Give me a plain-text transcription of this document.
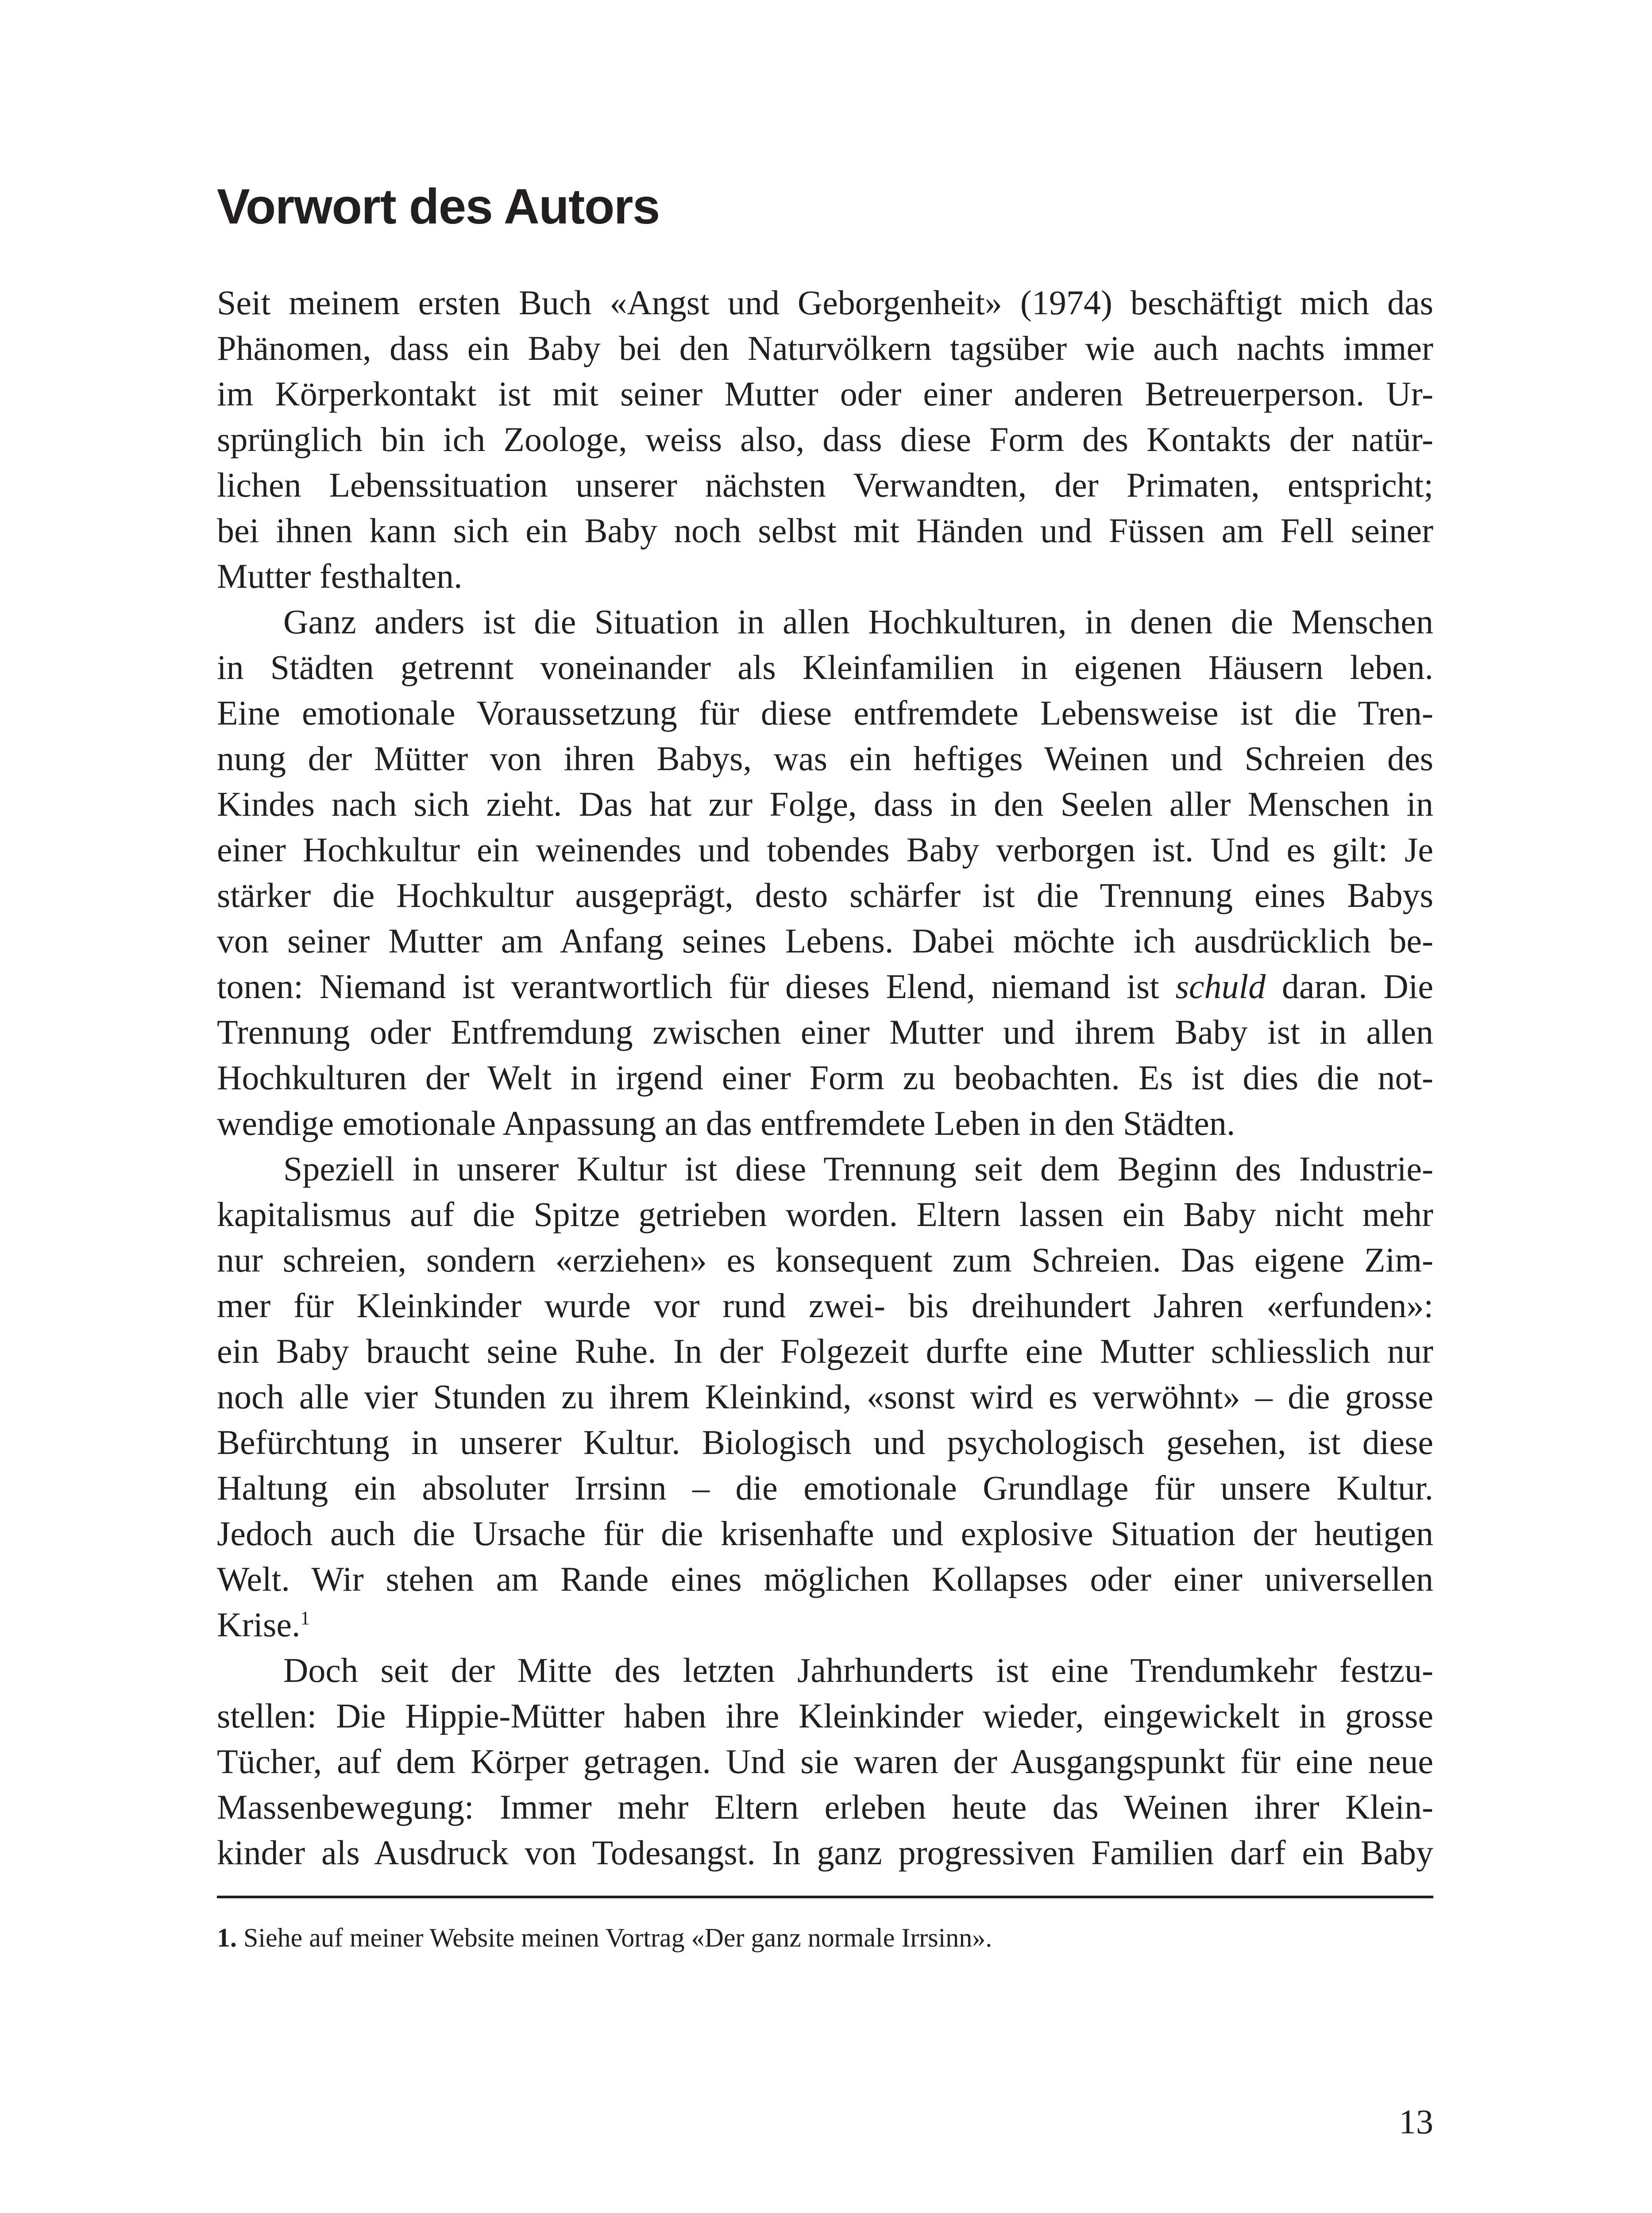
Vorwort des Autors
Seit meinem ersten Buch «Angst und Geborgenheit» (1974) beschäftigt mich das
Phänomen, dass ein Baby bei den Naturvölkern tagsüber wie auch nachts immer
im Körperkontakt ist mit seiner Mutter oder einer anderen Betreuerperson. Ur-
sprünglich bin ich Zoologe, weiss also, dass diese Form des Kontakts der natür-
lichen Lebenssituation unserer nächsten Verwandten, der Primaten, entspricht;
bei ihnen kann sich ein Baby noch selbst mit Händen und Füssen am Fell seiner
Mutter festhalten.
Ganz anders ist die Situation in allen Hochkulturen, in denen die Menschen
in Städten getrennt voneinander als Kleinfamilien in eigenen Häusern leben.
Eine emotionale Voraussetzung für diese entfremdete Lebensweise ist die Tren-
nung der Mütter von ihren Babys, was ein heftiges Weinen und Schreien des
Kindes nach sich zieht. Das hat zur Folge, dass in den Seelen aller Menschen in
einer Hochkultur ein weinendes und tobendes Baby verborgen ist. Und es gilt: Je
stärker die Hochkultur ausgeprägt, desto schärfer ist die Trennung eines Babys
von seiner Mutter am Anfang seines Lebens. Dabei möchte ich ausdrücklich be-
tonen: Niemand ist verantwortlich für dieses Elend, niemand ist schuld daran. Die
Trennung oder Entfremdung zwischen einer Mutter und ihrem Baby ist in allen
Hochkulturen der Welt in irgend einer Form zu beobachten. Es ist dies die not-
wendige emotionale Anpassung an das entfremdete Leben in den Städten.
Speziell in unserer Kultur ist diese Trennung seit dem Beginn des Industrie-
kapitalismus auf die Spitze getrieben worden. Eltern lassen ein Baby nicht mehr
nur schreien, sondern «erziehen» es konsequent zum Schreien. Das eigene Zim-
mer für Kleinkinder wurde vor rund zwei- bis dreihundert Jahren «erfunden»:
ein Baby braucht seine Ruhe. In der Folgezeit durfte eine Mutter schliesslich nur
noch alle vier Stunden zu ihrem Kleinkind, «sonst wird es verwöhnt» – die grosse
Befürchtung in unserer Kultur. Biologisch und psychologisch gesehen, ist diese
Haltung ein absoluter Irrsinn – die emotionale Grundlage für unsere Kultur.
Jedoch auch die Ursache für die krisenhafte und explosive Situation der heutigen
Welt. Wir stehen am Rande eines möglichen Kollapses oder einer universellen
Krise.$^1$
Doch seit der Mitte des letzten Jahrhunderts ist eine Trendumkehr festzu-
stellen: Die Hippie-Mütter haben ihre Kleinkinder wieder, eingewickelt in grosse
Tücher, auf dem Körper getragen. Und sie waren der Ausgangspunkt für eine neue
Massenbewegung: Immer mehr Eltern erleben heute das Weinen ihrer Klein-
kinder als Ausdruck von Todesangst. In ganz progressiven Familien darf ein Baby
1. Siehe auf meiner Website meinen Vortrag «Der ganz normale Irrsinn».
13
